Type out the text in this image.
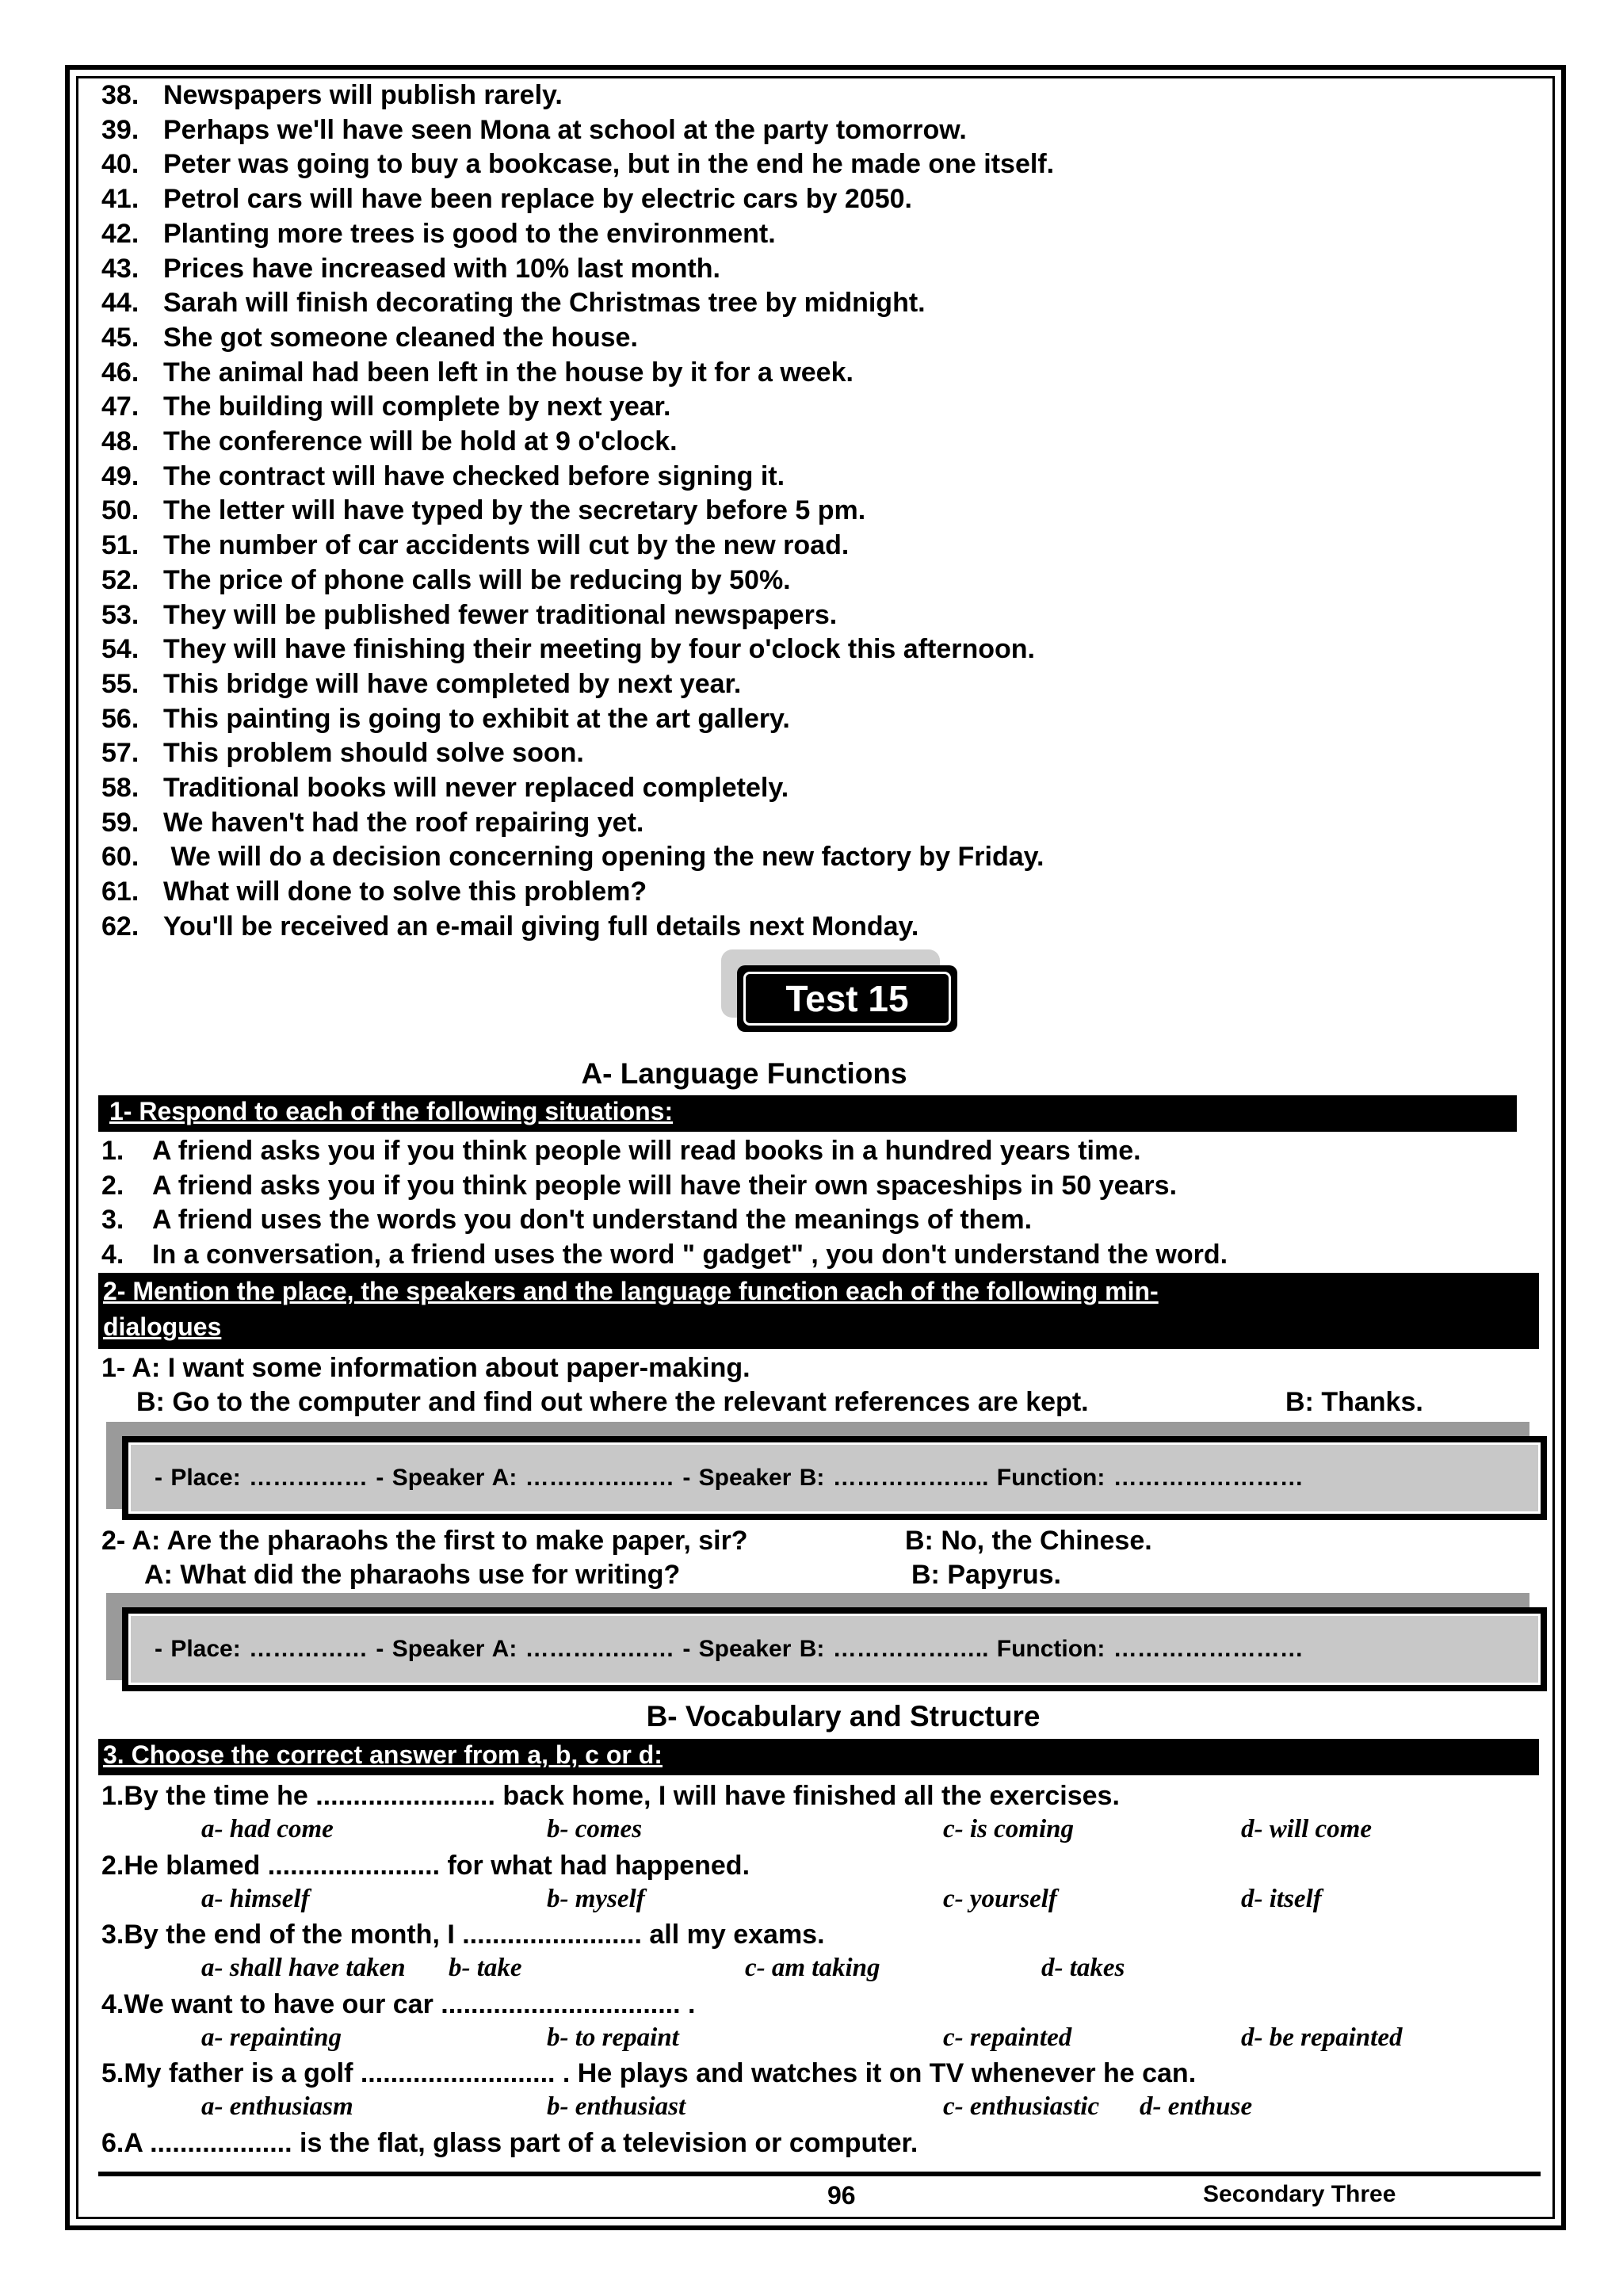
38. Newspapers will publish rarely.
39. Perhaps we'll have seen Mona at school at the party tomorrow.
40. Peter was going to buy a bookcase, but in the end he made one itself.
41. Petrol cars will have been replace by electric cars by 2050.
42. Planting more trees is good to the environment.
43. Prices have increased with 10% last month.
44. Sarah will finish decorating the Christmas tree by midnight.
45. She got someone cleaned the house.
46. The animal had been left in the house by it for a week.
47. The building will complete by next year.
48. The conference will be hold at 9 o'clock.
49. The contract will have checked before signing it.
50. The letter will have typed by the secretary before 5 pm.
51. The number of car accidents will cut by the new road.
52. The price of phone calls will be reducing by 50%.
53. They will be published fewer traditional newspapers.
54. They will have finishing their meeting by four o'clock this afternoon.
55. This bridge will have completed by next year.
56. This painting is going to exhibit at the art gallery.
57. This problem should solve soon.
58. Traditional books will never replaced completely.
59. We haven't had the roof repairing yet.
60. We will do a decision concerning opening the new factory by Friday.
61. What will done to solve this problem?
62. You'll be received an e-mail giving full details next Monday.
Test 15
A- Language Functions
1- Respond to each of the following situations:
1. A friend asks you if you think people will read books in a hundred years time.
2. A friend asks you if you think people will have their own spaceships in 50 years.
3. A friend uses the words you don't understand the meanings of them.
4. In a conversation, a friend uses the word " gadget" , you don't understand the word.
2- Mention the place, the speakers and the language function each of the following min-
dialogues
1- A: I want some information about paper-making.
B: Go to the computer and find out where the relevant references are kept.	B: Thanks.
- Place: …………… - Speaker A: ………….…… - Speaker B: ……………….. Function: ……………………
2- A: Are the pharaohs the first to make paper, sir?	B: No, the Chinese.
A: What did the pharaohs use for writing?	B: Papyrus.
- Place: …………… - Speaker A: ………….…… - Speaker B: ……………….. Function: ……………………
B- Vocabulary and Structure
3. Choose the correct answer from a, b, c or d:
1.By the time he ........................ back home, I will have finished all the exercises.
a- had come	b- comes	c- is coming	d- will come
2.He blamed ....................... for what had happened.
a- himself	b- myself	c- yourself	d- itself
3.By the end of the month, I ........................ all my exams.
a- shall have taken b- take	c- am taking	d- takes
4.We want to have our car ................................ .
a- repainting	b- to repaint	c- repainted	d- be repainted
5.My father is a golf .......................... . He plays and watches it on TV whenever he can.
a- enthusiasm	b- enthusiast	c- enthusiastic d- enthuse
6.A ................... is the flat, glass part of a television or computer.
96	Secondary Three
